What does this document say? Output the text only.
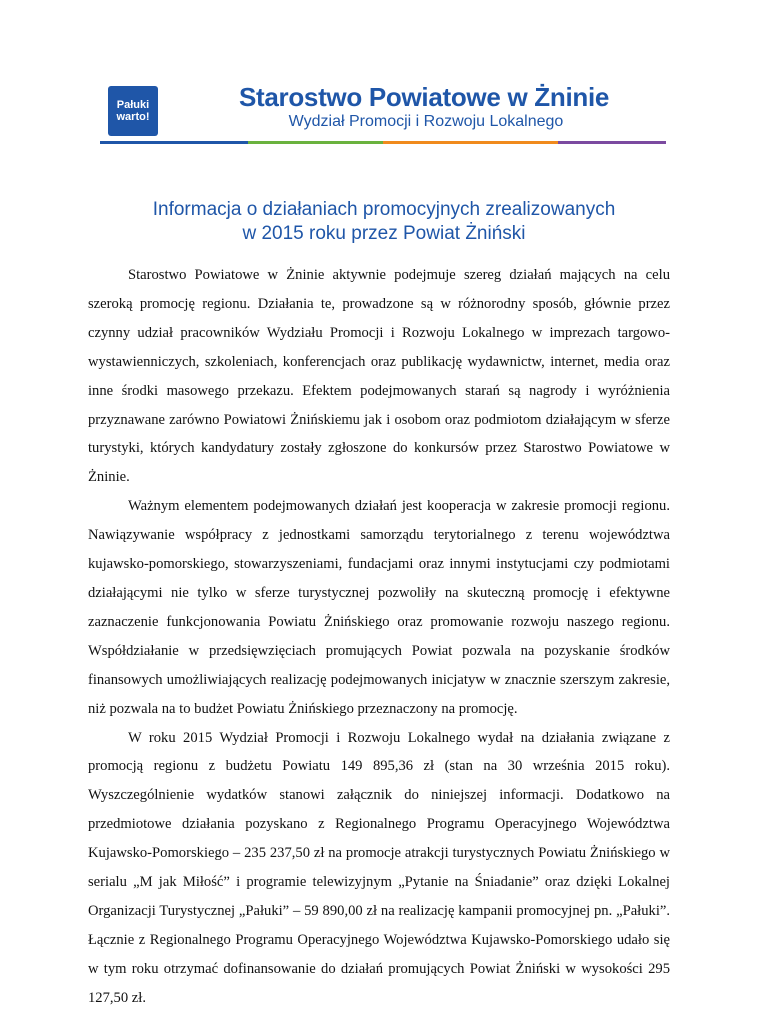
Pałuki
warto!
Starostwo Powiatowe w Żninie
Wydział Promocji i Rozwoju Lokalnego
Informacja o działaniach promocyjnych zrealizowanych
w 2015 roku przez Powiat Żniński

Starostwo Powiatowe w Żninie aktywnie podejmuje szereg działań mających na celu szeroką promocję regionu. Działania te, prowadzone są w różnorodny sposób, głównie przez czynny udział pracowników Wydziału Promocji i Rozwoju Lokalnego w imprezach targowo-wystawienniczych, szkoleniach, konferencjach oraz publikację wydawnictw, internet, media oraz inne środki masowego przekazu. Efektem podejmowanych starań są nagrody i wyróżnienia przyznawane zarówno Powiatowi Żnińskiemu jak i osobom oraz podmiotom działającym w sferze turystyki, których kandydatury zostały zgłoszone do konkursów przez Starostwo Powiatowe w Żninie.

Ważnym elementem podejmowanych działań jest kooperacja w zakresie promocji regionu. Nawiązywanie współpracy z jednostkami samorządu terytorialnego z terenu województwa kujawsko-pomorskiego, stowarzyszeniami, fundacjami oraz innymi instytucjami czy podmiotami działającymi nie tylko w sferze turystycznej pozwoliły na skuteczną promocję i efektywne zaznaczenie funkcjonowania Powiatu Żnińskiego oraz promowanie rozwoju naszego regionu. Współdziałanie w przedsięwzięciach promujących Powiat pozwala na pozyskanie środków finansowych umożliwiających realizację podejmowanych inicjatyw w znacznie szerszym zakresie, niż pozwala na to budżet Powiatu Żnińskiego przeznaczony na promocję.

W roku 2015 Wydział Promocji i Rozwoju Lokalnego wydał na działania związane z promocją regionu z budżetu Powiatu 149 895,36 zł (stan na 30 września 2015 roku). Wyszczególnienie wydatków stanowi załącznik do niniejszej informacji. Dodatkowo na przedmiotowe działania pozyskano z Regionalnego Programu Operacyjnego Województwa Kujawsko-Pomorskiego – 235 237,50 zł na promocje atrakcji turystycznych Powiatu Żnińskiego w serialu „M jak Miłość” i programie telewizyjnym „Pytanie na Śniadanie” oraz dzięki Lokalnej Organizacji Turystycznej „Pałuki” – 59 890,00 zł na realizację kampanii promocyjnej pn. „Pałuki”. Łącznie z Regionalnego Programu Operacyjnego Województwa Kujawsko-Pomorskiego udało się w tym roku otrzymać dofinansowanie do działań promujących Powiat Żniński w wysokości 295 127,50 zł.
